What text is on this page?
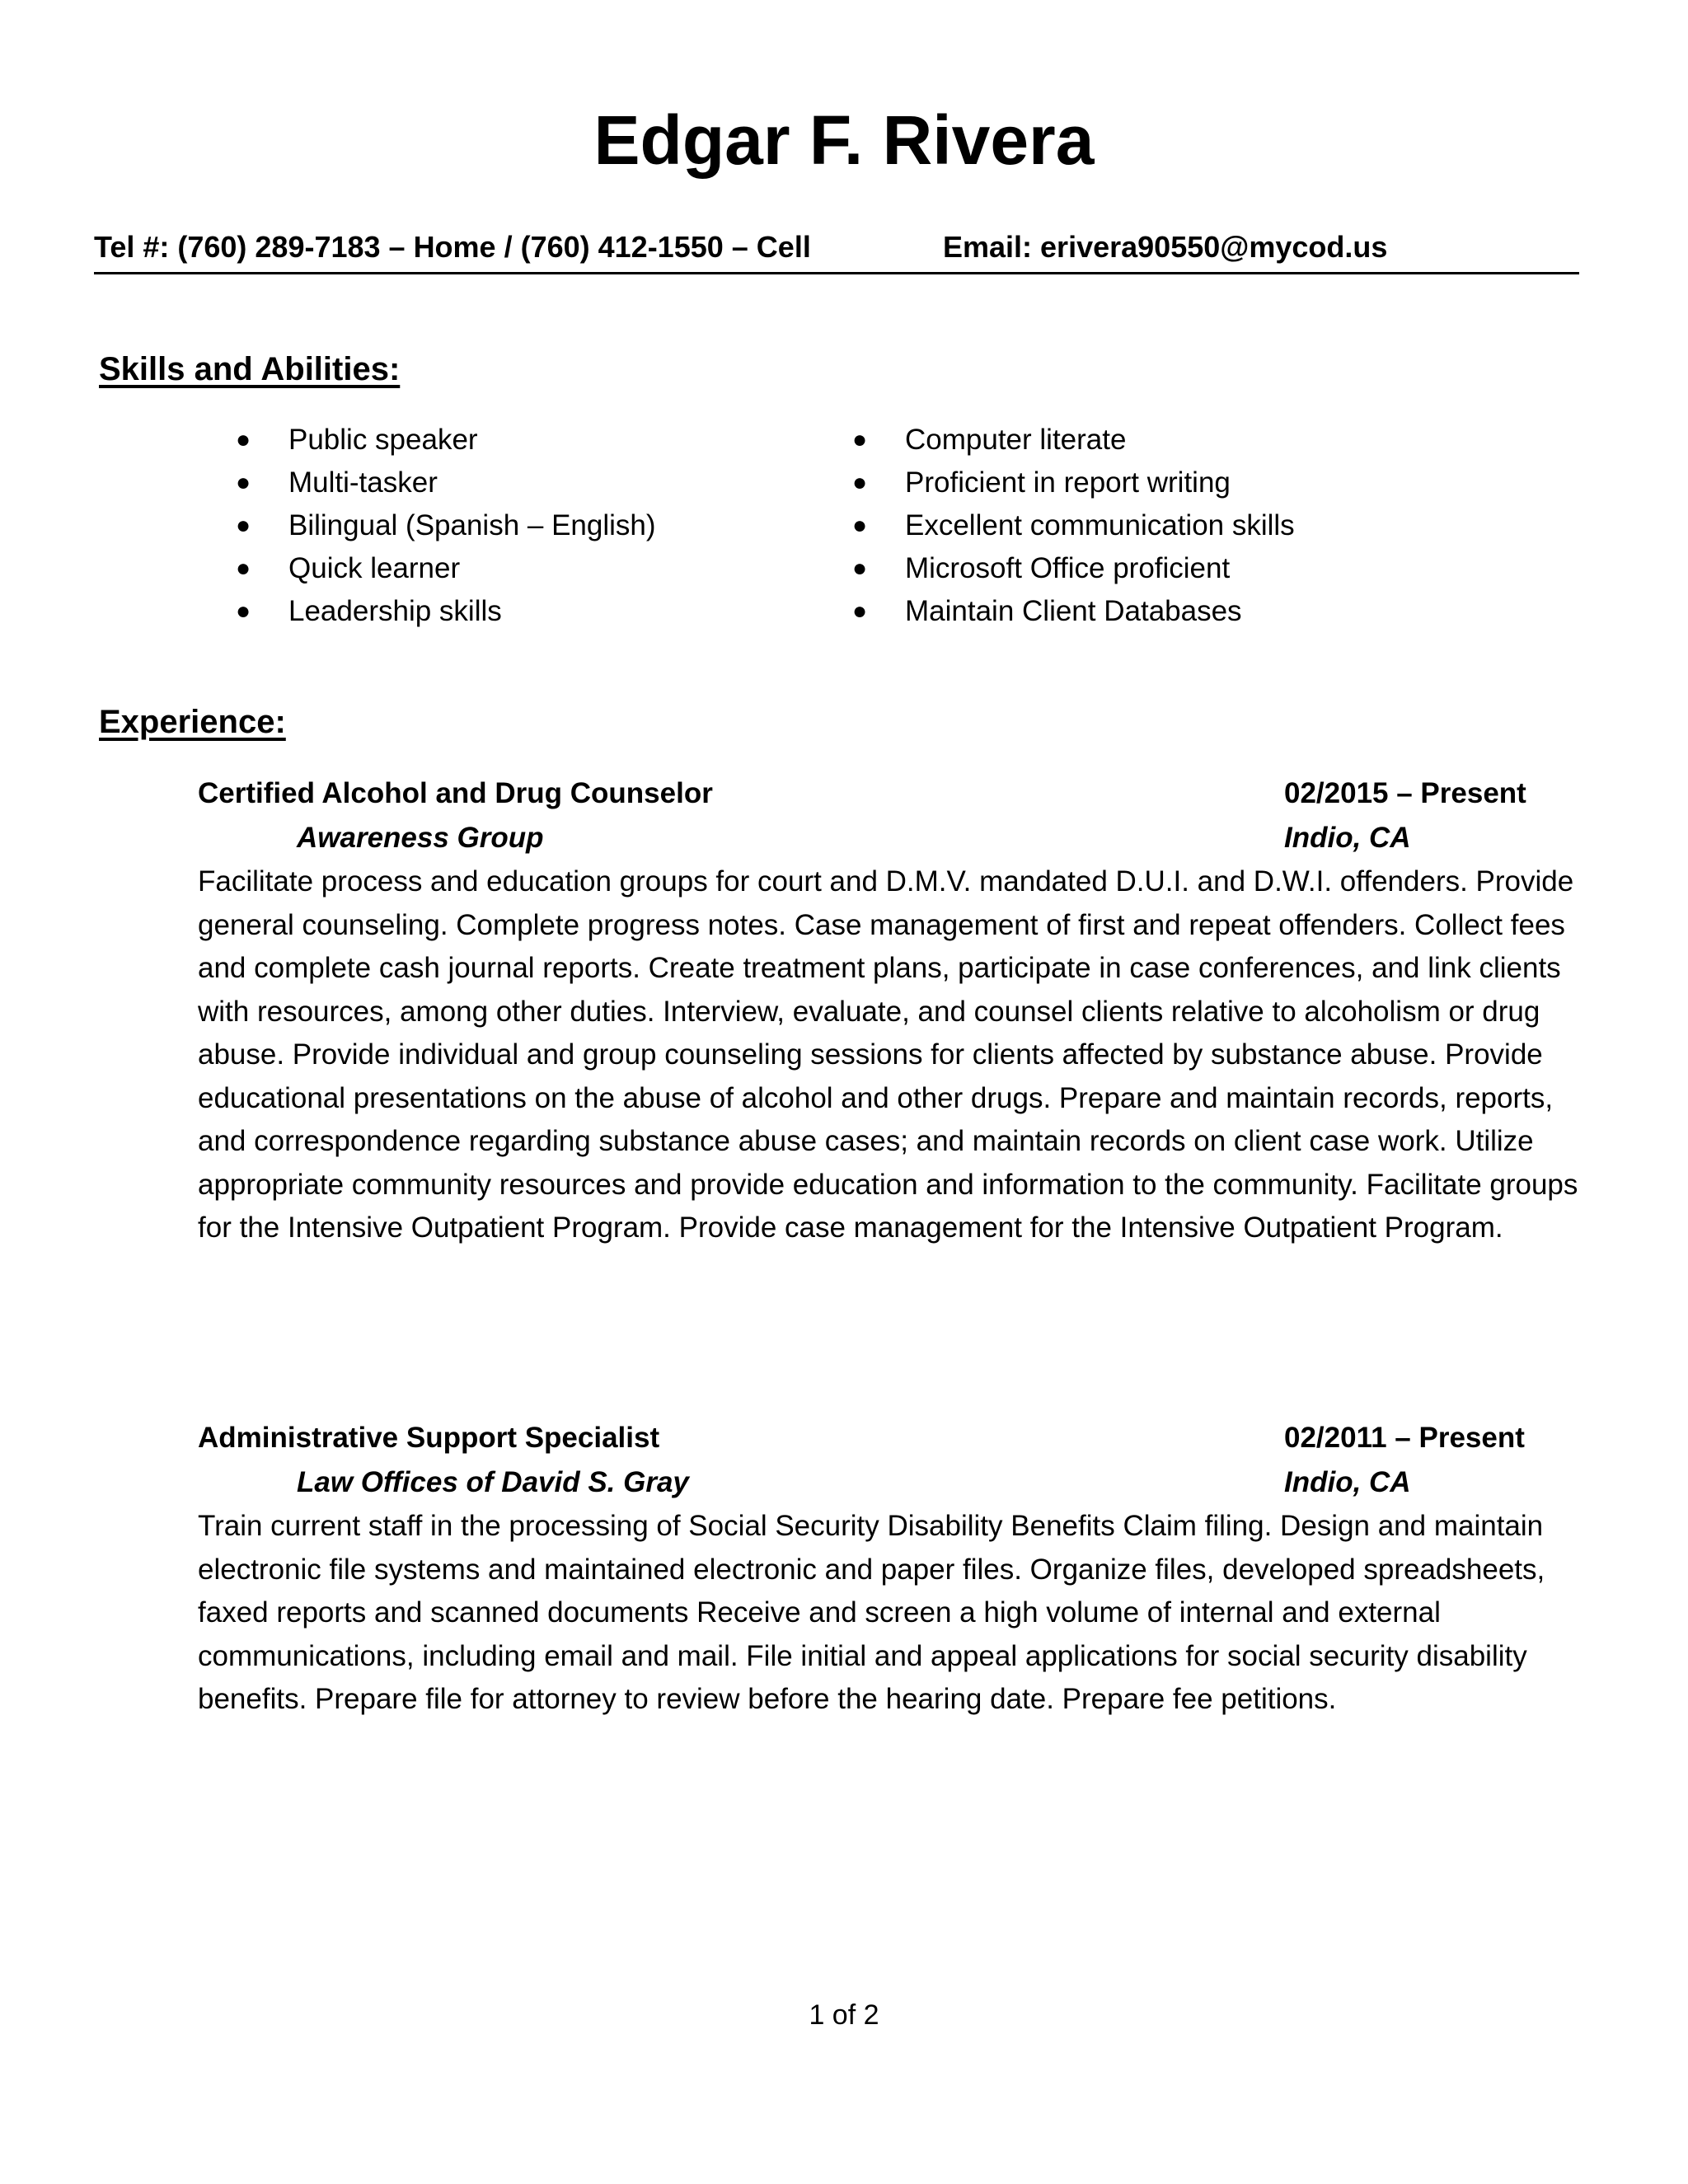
Edgar F. Rivera
Tel #: (760) 289-7183 – Home / (760) 412-1550 – Cell	Email: erivera90550@mycod.us
Skills and Abilities:
●	Public speaker
●	Multi-tasker
●	Bilingual (Spanish – English)
●	Quick learner
●	Leadership skills
●	Computer literate
●	Proficient in report writing
●	Excellent communication skills
●	Microsoft Office proficient
●	Maintain Client Databases
Experience:
Certified Alcohol and Drug Counselor	02/2015 – Present
Awareness Group	Indio, CA

Facilitate process and education groups for court and D.M.V. mandated D.U.I. and D.W.I. offenders. Provide general counseling. Complete progress notes. Case management of first and repeat offenders. Collect fees and complete cash journal reports. Create treatment plans, participate in case conferences, and link clients with resources, among other duties. Interview, evaluate, and counsel clients relative to alcoholism or drug abuse. Provide individual and group counseling sessions for clients affected by substance abuse. Provide educational presentations on the abuse of alcohol and other drugs. Prepare and maintain records, reports, and correspondence regarding substance abuse cases; and maintain records on client case work. Utilize appropriate community resources and provide education and information to the community. Facilitate groups for the Intensive Outpatient Program. Provide case management for the Intensive Outpatient Program.

Administrative Support Specialist	02/2011 – Present
Law Offices of David S. Gray	Indio, CA

Train current staff in the processing of Social Security Disability Benefits Claim filing. Design and maintain electronic file systems and maintained electronic and paper files. Organize files, developed spreadsheets, faxed reports and scanned documents Receive and screen a high volume of internal and external communications, including email and mail. File initial and appeal applications for social security disability benefits. Prepare file for attorney to review before the hearing date. Prepare fee petitions.

1 of 2
